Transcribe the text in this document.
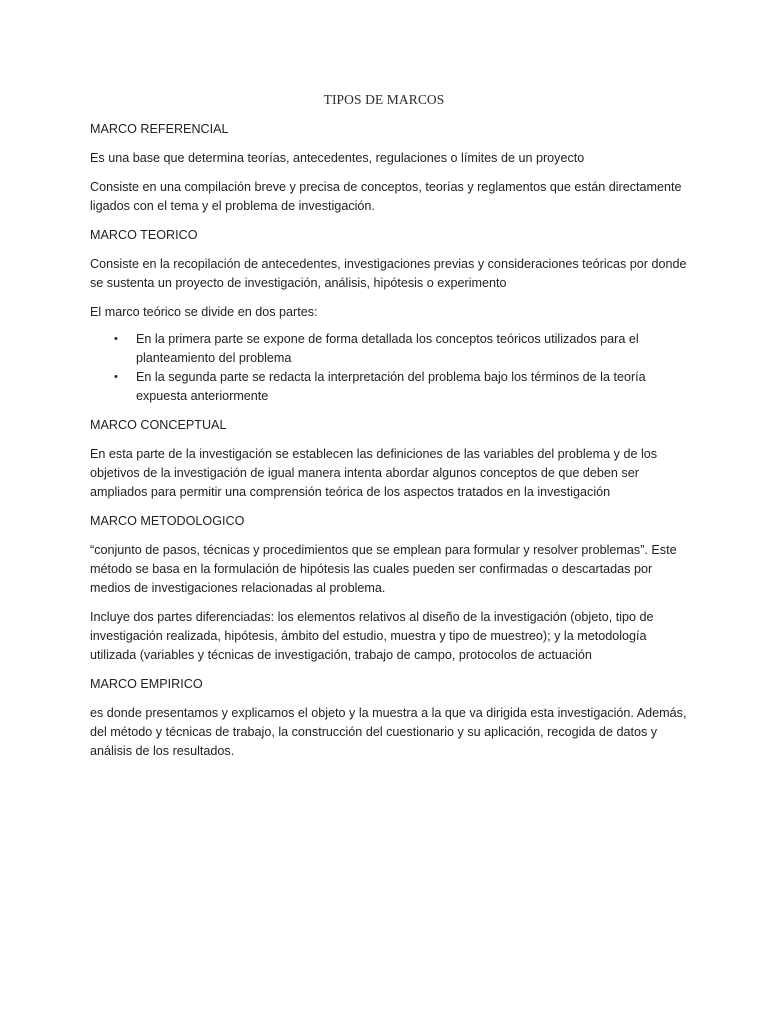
TIPOS DE MARCOS
MARCO REFERENCIAL

Es una base que determina teorías, antecedentes, regulaciones o límites de un proyecto

Consiste en una compilación breve y precisa de conceptos, teorías y reglamentos que están directamente ligados con el tema y el problema de investigación.

MARCO TEORICO

Consiste en la recopilación de antecedentes, investigaciones previas y consideraciones teóricas por donde se sustenta un proyecto de investigación, análisis, hipótesis o experimento

El marco teórico se divide en dos partes:

• En la primera parte se expone de forma detallada los conceptos teóricos utilizados para el planteamiento del problema
• En la segunda parte se redacta la interpretación del problema bajo los términos de la teoría expuesta anteriormente
MARCO CONCEPTUAL

En esta parte de la investigación se establecen las definiciones de las variables del problema y de los objetivos de la investigación de igual manera intenta abordar algunos conceptos de que deben ser ampliados para permitir una comprensión teórica de los aspectos tratados en la investigación

MARCO METODOLOGICO

“conjunto de pasos, técnicas y procedimientos que se emplean para formular y resolver problemas”. Este método se basa en la formulación de hipótesis las cuales pueden ser confirmadas o descartadas por medios de investigaciones relacionadas al problema.

Incluye dos partes diferenciadas: los elementos relativos al diseño de la investigación (objeto, tipo de investigación realizada, hipótesis, ámbito del estudio, muestra y tipo de muestreo); y la metodología utilizada (variables y técnicas de investigación, trabajo de campo, protocolos de actuación

MARCO EMPIRICO

es donde presentamos y explicamos el objeto y la muestra a la que va dirigida esta investigación. Además, del método y técnicas de trabajo, la construcción del cuestionario y su aplicación, recogida de datos y análisis de los resultados.
